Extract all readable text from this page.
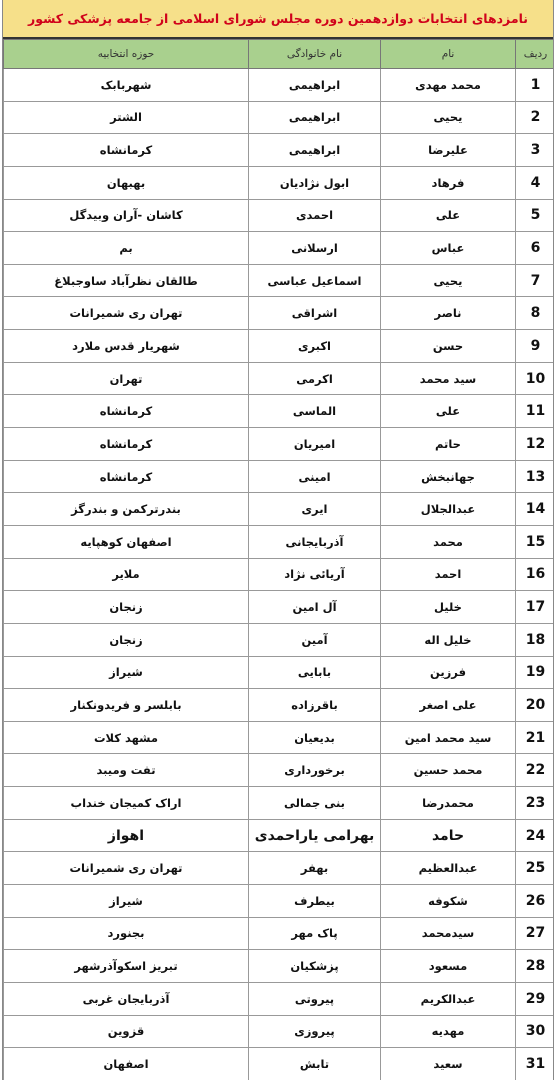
نامزدهای انتخابات دوازدهمین دوره مجلس شورای اسلامی از جامعه پزشکی کشور
ردیف	نام	نام خانوادگی	حوزه انتخابیه
1	محمد مهدی	ابراهیمی	شهربابک
2	یحیی	ابراهیمی	الشتر
3	علیرضا	ابراهیمی	کرمانشاه
4	فرهاد	ابول نژادیان	بهبهان
5	علی	احمدی	کاشان -آران وبیدگل
6	عباس	ارسلانی	بم
7	یحیی	اسماعیل عباسی	طالقان نظرآباد ساوجبلاغ
8	ناصر	اشراقی	تهران ری شمیرانات
9	حسن	اکبری	شهریار قدس ملارد
10	سید محمد	اکرمی	تهران
11	علی	الماسی	کرمانشاه
12	حاتم	امیریان	کرمانشاه
13	جهانبخش	امینی	کرمانشاه
14	عبدالجلال	ایری	بندرترکمن و بندرگز
15	محمد	آذربایجانی	اصفهان کوهپایه
16	احمد	آریائی نژاد	ملایر
17	خلیل	آل امین	زنجان
18	خلیل اله	آمین	زنجان
19	فرزین	بابایی	شیراز
20	علی اصغر	باقرزاده	بابلسر و فریدونکنار
21	سید محمد امین	بدیعیان	مشهد کلات
22	محمد حسین	برخورداری	تفت ومیبد
23	محمدرضا	بنی جمالی	اراک کمیجان خنداب
24	حامد	بهرامی یاراحمدی	اهواز
25	عبدالعظیم	بهفر	تهران ری شمیرانات
26	شکوفه	بیطرف	شیراز
27	سیدمحمد	پاک مهر	بجنورد
28	مسعود	پزشکیان	تبریز اسکوآذرشهر
29	عبدالکریم	پیروتی	آذربایجان غربی
30	مهدیه	پیروزی	قزوین
31	سعید	تابش	اصفهان
